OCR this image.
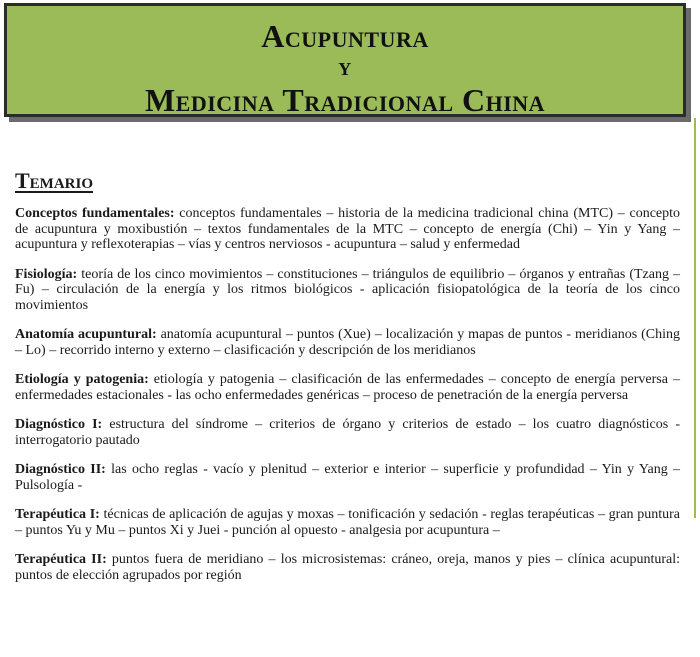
Acupuntura

y

Medicina Tradicional China

Temario

Conceptos fundamentales: conceptos fundamentales – historia de la medicina tradicional china (MTC) – concepto de acupuntura y moxibustión – textos fundamentales de la MTC – concepto de energía (Chi) – Yin y Yang – acupuntura y reflexoterapias – vías y centros nerviosos - acupuntura – salud y enfermedad

Fisiología: teoría de los cinco movimientos – constituciones – triángulos de equilibrio – órganos y entrañas (Tzang – Fu) – circulación de la energía y los ritmos biológicos - aplicación fisiopatológica de la teoría de los cinco movimientos

Anatomía acupuntural: anatomía acupuntural – puntos (Xue) – localización y mapas de puntos - meridianos (Ching – Lo) – recorrido interno y externo – clasificación y descripción de los meridianos

Etiología y patogenia: etiología y patogenia – clasificación de las enfermedades – concepto de energía perversa – enfermedades estacionales - las ocho enfermedades genéricas – proceso de penetración de la energía perversa

Diagnóstico I: estructura del síndrome – criterios de órgano y criterios de estado – los cuatro diagnósticos - interrogatorio pautado

Diagnóstico II: las ocho reglas - vacío y plenitud – exterior e interior – superficie y profundidad – Yin y Yang – Pulsología -

Terapéutica I: técnicas de aplicación de agujas y moxas – tonificación y sedación - reglas terapéuticas – gran puntura – puntos Yu y Mu – puntos Xi y Juei - punción al opuesto - analgesia por acupuntura –

Terapéutica II: puntos fuera de meridiano – los microsistemas: cráneo, oreja, manos y pies – clínica acupuntural: puntos de elección agrupados por región
